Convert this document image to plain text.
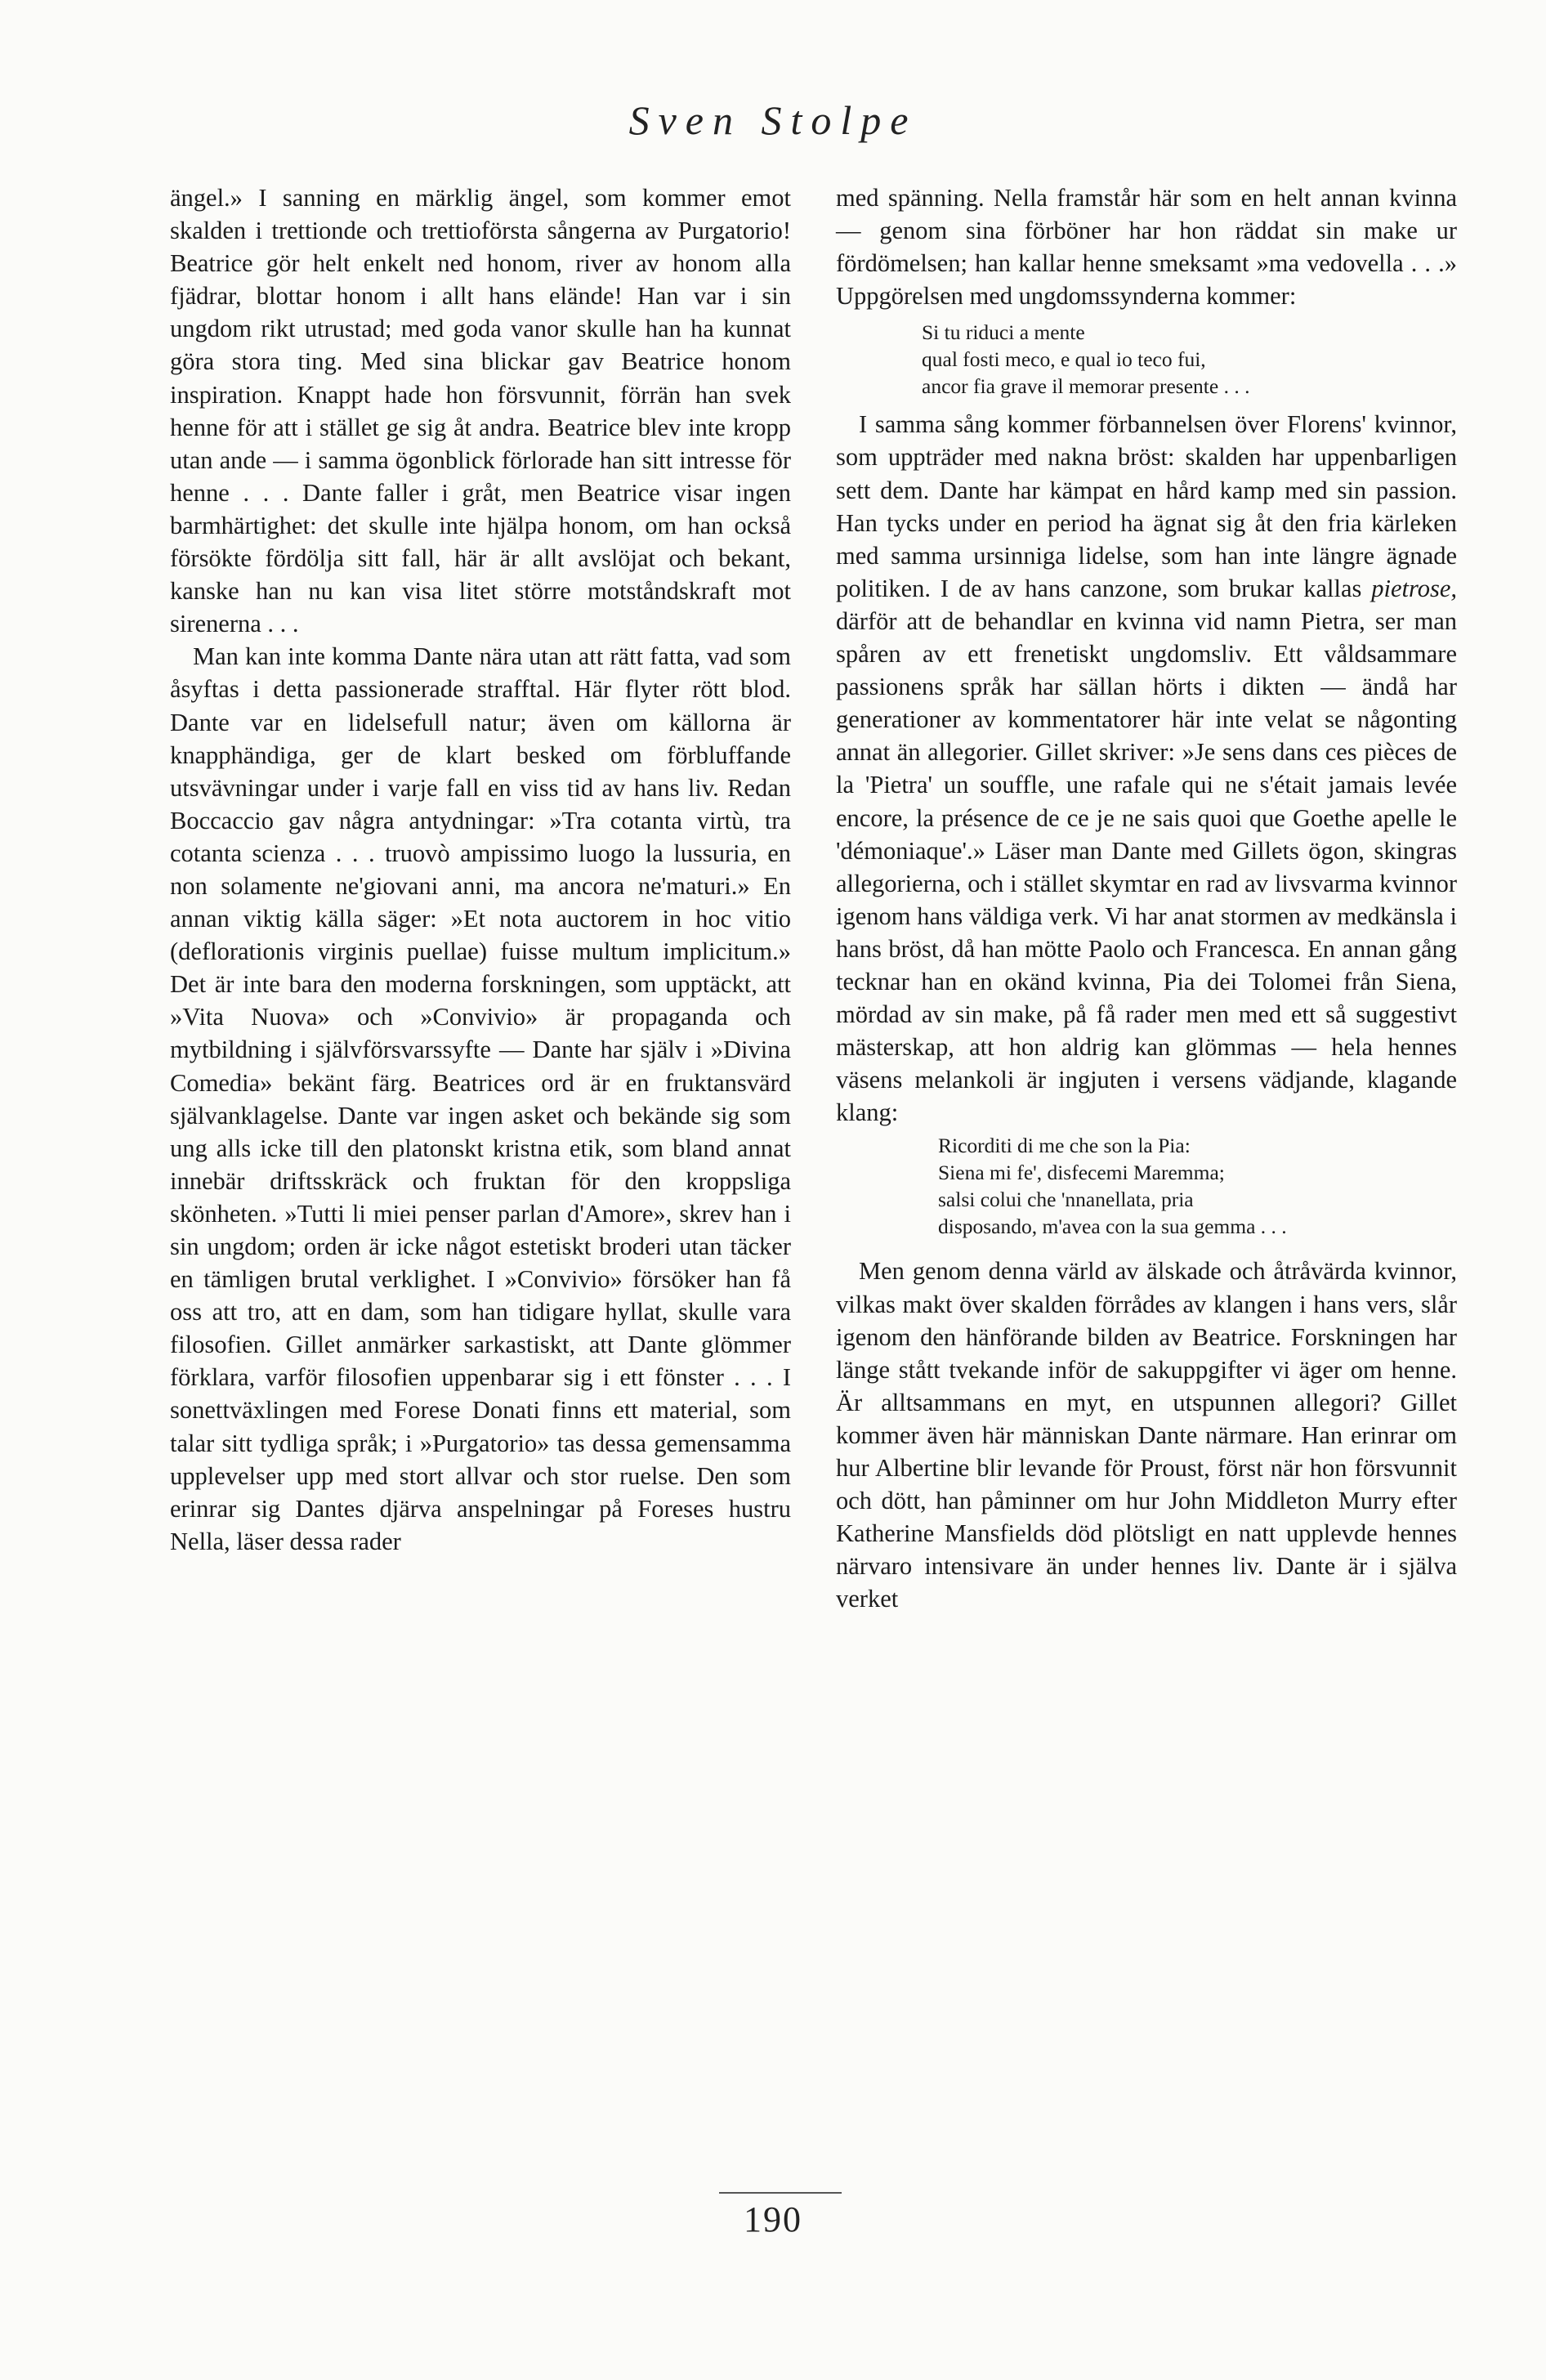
Sven Stolpe

ängel.» I sanning en märklig ängel, som kommer emot skalden i trettionde och trettioförsta sångerna av Purgatorio! Beatrice gör helt enkelt ned honom, river av honom alla fjädrar, blottar honom i allt hans elände! Han var i sin ungdom rikt utrustad; med goda vanor skulle han ha kunnat göra stora ting. Med sina blickar gav Beatrice honom inspiration. Knappt hade hon försvunnit, förrän han svek henne för att i stället ge sig åt andra. Beatrice blev inte kropp utan ande — i samma ögonblick förlorade han sitt intresse för henne . . . Dante faller i gråt, men Beatrice visar ingen barmhärtighet: det skulle inte hjälpa honom, om han också försökte fördölja sitt fall, här är allt avslöjat och bekant, kanske han nu kan visa litet större motståndskraft mot sirenerna . . .

Man kan inte komma Dante nära utan att rätt fatta, vad som åsyftas i detta passionerade strafftal. Här flyter rött blod. Dante var en lidelsefull natur; även om källorna är knapphändiga, ger de klart besked om förbluffande utsvävningar under i varje fall en viss tid av hans liv. Redan Boccaccio gav några antydningar: »Tra cotanta virtù, tra cotanta scienza . . . truovò ampissimo luogo la lussuria, en non solamente ne'giovani anni, ma ancora ne'maturi.» En annan viktig källa säger: »Et nota auctorem in hoc vitio (deflorationis virginis puellae) fuisse multum implicitum.» Det är inte bara den moderna forskningen, som upptäckt, att »Vita Nuova» och »Convivio» är propaganda och mytbildning i självförsvarssyfte — Dante har själv i »Divina Comedia» bekänt färg. Beatrices ord är en fruktansvärd självanklagelse. Dante var ingen asket och bekände sig som ung alls icke till den platonskt kristna etik, som bland annat innebär driftsskräck och fruktan för den kroppsliga skönheten. »Tutti li miei penser parlan d'Amore», skrev han i sin ungdom; orden är icke något estetiskt broderi utan täcker en tämligen brutal verklighet. I »Convivio» försöker han få oss att tro, att en dam, som han tidigare hyllat, skulle vara filosofien. Gillet anmärker sarkastiskt, att Dante glömmer förklara, varför filosofien uppenbarar sig i ett fönster . . . I sonettväxlingen med Forese Donati finns ett material, som talar sitt tydliga språk; i »Purgatorio» tas dessa gemensamma upplevelser upp med stort allvar och stor ruelse. Den som erinrar sig Dantes djärva anspelningar på Foreses hustru Nella, läser dessa rader

med spänning. Nella framstår här som en helt annan kvinna — genom sina förböner har hon räddat sin make ur fördömelsen; han kallar henne smeksamt »ma vedovella . . .» Uppgörelsen med ungdomssynderna kommer:

Si tu riduci a mente
qual fosti meco, e qual io teco fui,
ancor fia grave il memorar presente . . .

I samma sång kommer förbannelsen över Florens' kvinnor, som uppträder med nakna bröst: skalden har uppenbarligen sett dem. Dante har kämpat en hård kamp med sin passion. Han tycks under en period ha ägnat sig åt den fria kärleken med samma ursinniga lidelse, som han inte längre ägnade politiken. I de av hans canzone, som brukar kallas pietrose, därför att de behandlar en kvinna vid namn Pietra, ser man spåren av ett frenetiskt ungdomsliv. Ett våldsammare passionens språk har sällan hörts i dikten — ändå har generationer av kommentatorer här inte velat se någonting annat än allegorier. Gillet skriver: »Je sens dans ces pièces de la 'Pietra' un souffle, une rafale qui ne s'était jamais levée encore, la présence de ce je ne sais quoi que Goethe apelle le 'démoniaque'.» Läser man Dante med Gillets ögon, skingras allegorierna, och i stället skymtar en rad av livsvarma kvinnor igenom hans väldiga verk. Vi har anat stormen av medkänsla i hans bröst, då han mötte Paolo och Francesca. En annan gång tecknar han en okänd kvinna, Pia dei Tolomei från Siena, mördad av sin make, på få rader men med ett så suggestivt mästerskap, att hon aldrig kan glömmas — hela hennes väsens melankoli är ingjuten i versens vädjande, klagande klang:

Ricorditi di me che son la Pia:
Siena mi fe', disfecemi Maremma;
salsi colui che 'nnanellata, pria
disposando, m'avea con la sua gemma . . .

Men genom denna värld av älskade och åtråvärda kvinnor, vilkas makt över skalden förrådes av klangen i hans vers, slår igenom den hänförande bilden av Beatrice. Forskningen har länge stått tvekande inför de sakuppgifter vi äger om henne. Är alltsammans en myt, en utspunnen allegori? Gillet kommer även här människan Dante närmare. Han erinrar om hur Albertine blir levande för Proust, först när hon försvunnit och dött, han påminner om hur John Middleton Murry efter Katherine Mansfields död plötsligt en natt upplevde hennes närvaro intensivare än under hennes liv. Dante är i själva verket

190
